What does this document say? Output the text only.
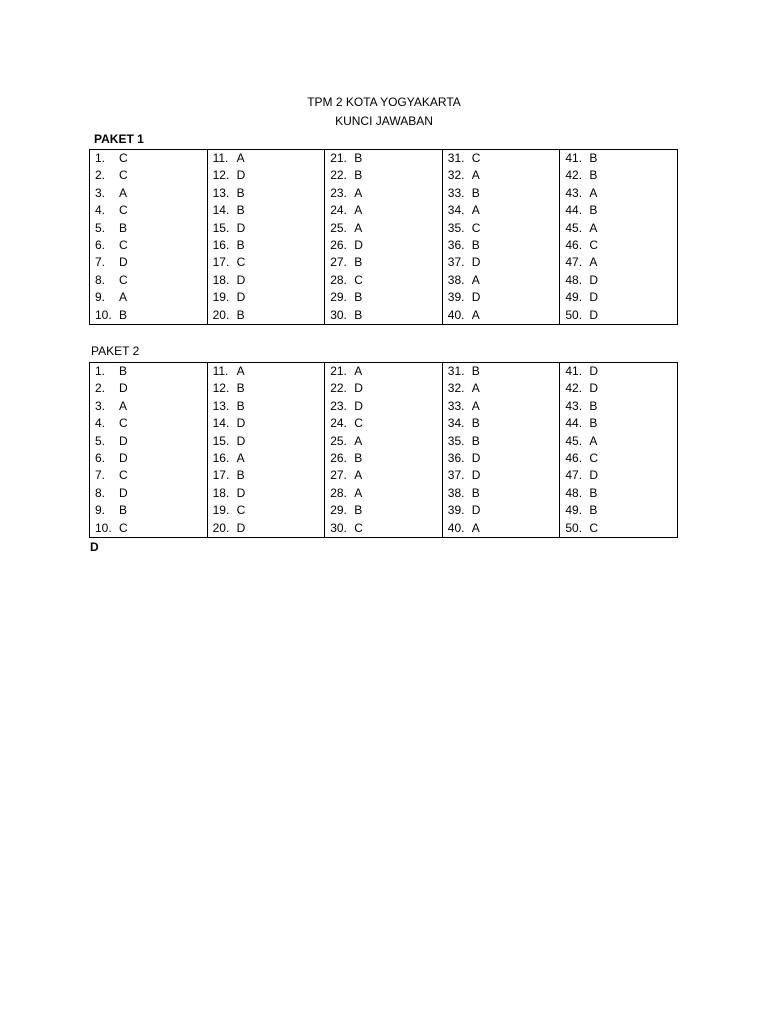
TPM 2 KOTA YOGYAKARTA
KUNCI JAWABAN
PAKET 1
1. C	11. A	21. B	31. C	41. B
2. C	12. D	22. B	32. A	42. B
3. A	13. B	23. A	33. B	43. A
4. C	14. B	24. A	34. A	44. B
5. B	15. D	25. A	35. C	45. A
6. C	16. B	26. D	36. B	46. C
7. D	17. C	27. B	37. D	47. A
8. C	18. D	28. C	38. A	48. D
9. A	19. D	29. B	39. D	49. D
10. B	20. B	30. B	40. A	50. D
PAKET 2
1. B	11. A	21. A	31. B	41. D
2. D	12. B	22. D	32. A	42. D
3. A	13. B	23. D	33. A	43. B
4. C	14. D	24. C	34. B	44. B
5. D	15. D	25. A	35. B	45. A
6. D	16. A	26. B	36. D	46. C
7. C	17. B	27. A	37. D	47. D
8. D	18. D	28. A	38. B	48. B
9. B	19. C	29. B	39. D	49. B
10. C	20. D	30. C	40. A	50. C
D
